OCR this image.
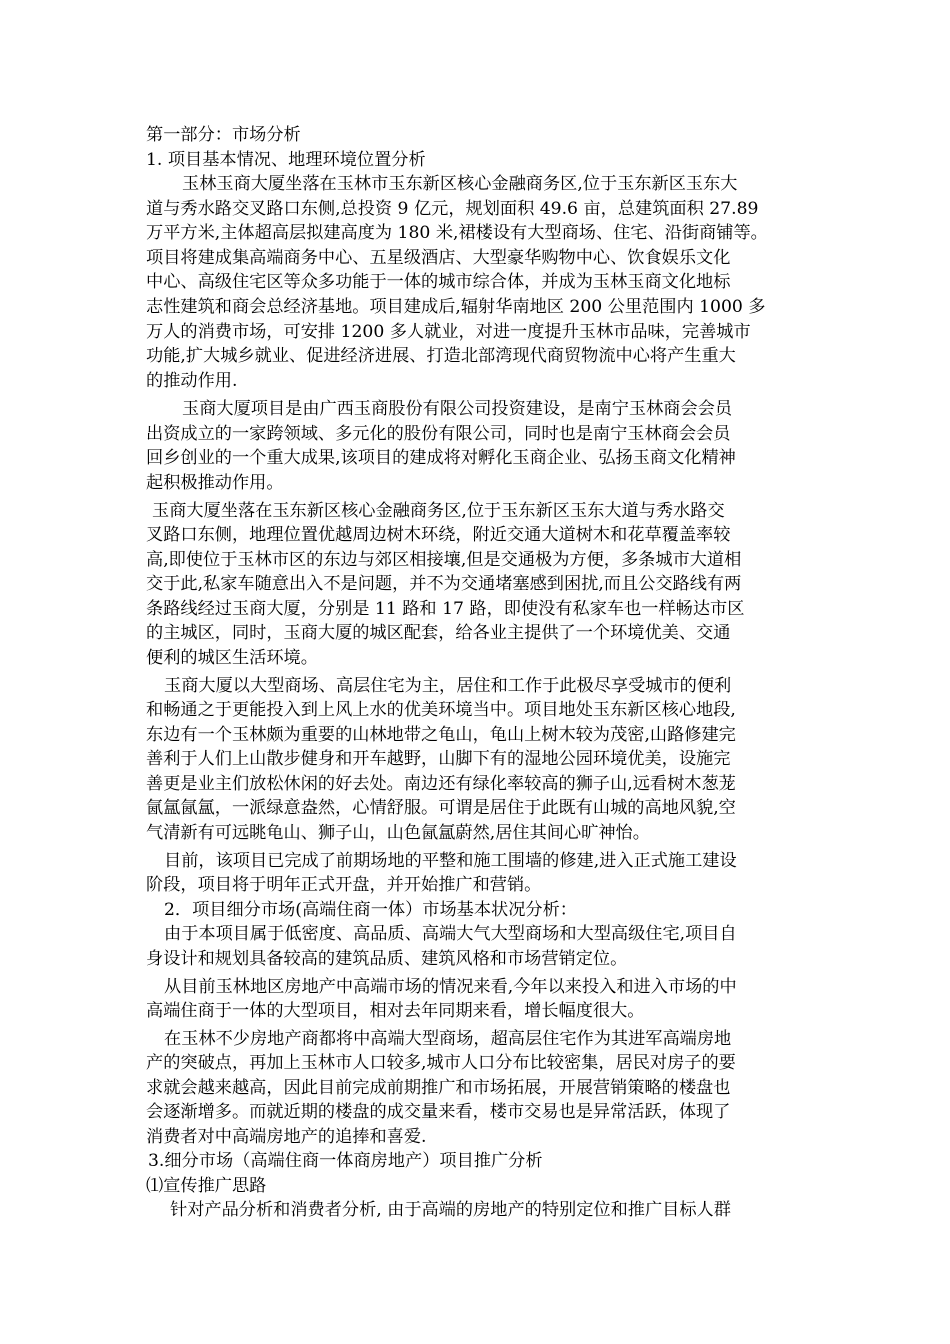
第一部分：市场分析

1. 项目基本情况、地理环境位置分析

玉林玉商大厦坐落在玉林市玉东新区核心金融商务区,位于玉东新区玉东大

道与秀水路交叉路口东侧,总投资 9 亿元，规划面积 49.6 亩，总建筑面积 27.89

万平方米,主体超高层拟建高度为 180 米,裙楼设有大型商场、住宅、沿街商铺等。

项目将建成集高端商务中心、五星级酒店、大型豪华购物中心、饮食娱乐文化

中心、高级住宅区等众多功能于一体的城市综合体，并成为玉林玉商文化地标

志性建筑和商会总经济基地。项目建成后,辐射华南地区 200 公里范围内 1000 多

万人的消费市场，可安排 1200 多人就业，对进一度提升玉林市品味，完善城市

功能,扩大城乡就业、促进经济进展、打造北部湾现代商贸物流中心将产生重大

的推动作用.

玉商大厦项目是由广西玉商股份有限公司投资建设，是南宁玉林商会会员

出资成立的一家跨领域、多元化的股份有限公司，同时也是南宁玉林商会会员

回乡创业的一个重大成果,该项目的建成将对孵化玉商企业、弘扬玉商文化精神

起积极推动作用。

玉商大厦坐落在玉东新区核心金融商务区,位于玉东新区玉东大道与秀水路交

叉路口东侧，地理位置优越周边树木环绕，附近交通大道树木和花草覆盖率较

高,即使位于玉林市区的东边与郊区相接壤,但是交通极为方便，多条城市大道相

交于此,私家车随意出入不是问题，并不为交通堵塞感到困扰,而且公交路线有两

条路线经过玉商大厦，分别是 11 路和 17 路，即使没有私家车也一样畅达市区

的主城区，同时，玉商大厦的城区配套，给各业主提供了一个环境优美、交通

便利的城区生活环境。

玉商大厦以大型商场、高层住宅为主，居住和工作于此极尽享受城市的便利

和畅通之于更能投入到上风上水的优美环境当中。项目地处玉东新区核心地段,

东边有一个玉林颇为重要的山林地带之龟山，龟山上树木较为茂密,山路修建完

善利于人们上山散步健身和开车越野，山脚下有的湿地公园环境优美，设施完

善更是业主们放松休闲的好去处。南边还有绿化率较高的狮子山,远看树木葱茏

氤氲氤氲，一派绿意盎然，心情舒服。可谓是居住于此既有山城的高地风貌,空

气清新有可远眺龟山、狮子山，山色氤氲蔚然,居住其间心旷神怡。

目前，该项目已完成了前期场地的平整和施工围墙的修建,进入正式施工建设

阶段，项目将于明年正式开盘，并开始推广和营销。

2．项目细分市场(高端住商一体）市场基本状况分析：

由于本项目属于低密度、高品质、高端大气大型商场和大型高级住宅,项目自

身设计和规划具备较高的建筑品质、建筑风格和市场营销定位。

从目前玉林地区房地产中高端市场的情况来看,今年以来投入和进入市场的中

高端住商于一体的大型项目，相对去年同期来看，增长幅度很大。

在玉林不少房地产商都将中高端大型商场，超高层住宅作为其进军高端房地

产的突破点，再加上玉林市人口较多,城市人口分布比较密集，居民对房子的要

求就会越来越高，因此目前完成前期推广和市场拓展，开展营销策略的楼盘也

会逐渐增多。而就近期的楼盘的成交量来看，楼市交易也是异常活跃，体现了

消费者对中高端房地产的追捧和喜爱.

3.细分市场（高端住商一体商房地产）项目推广分析

⑴宣传推广思路

针对产品分析和消费者分析, 由于高端的房地产的特别定位和推广目标人群
